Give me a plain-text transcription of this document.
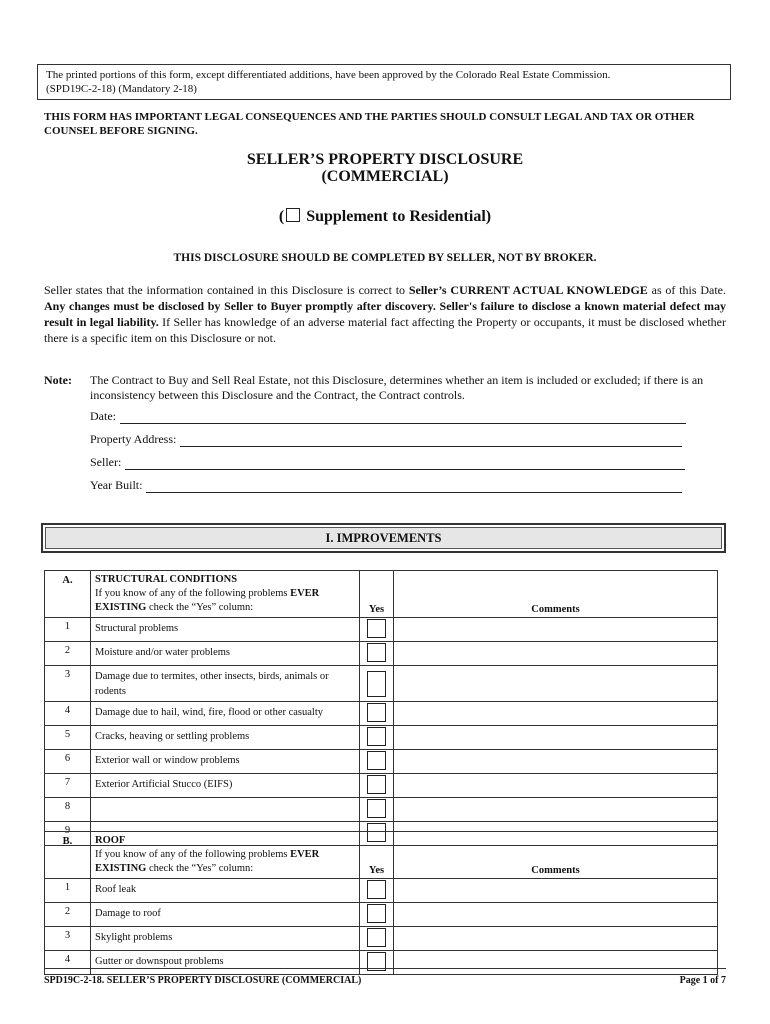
The printed portions of this form, except differentiated additions, have been approved by the Colorado Real Estate Commission.
(SPD19C-2-18) (Mandatory 2-18)
THIS FORM HAS IMPORTANT LEGAL CONSEQUENCES AND THE PARTIES SHOULD CONSULT LEGAL AND TAX OR OTHER COUNSEL BEFORE SIGNING.
SELLER’S PROPERTY DISCLOSURE
(COMMERCIAL)
( Supplement to Residential)
THIS DISCLOSURE SHOULD BE COMPLETED BY SELLER, NOT BY BROKER.
Seller states that the information contained in this Disclosure is correct to Seller’s CURRENT ACTUAL KNOWLEDGE as of this Date. Any changes must be disclosed by Seller to Buyer promptly after discovery. Seller's failure to disclose a known material defect may result in legal liability. If Seller has knowledge of an adverse material fact affecting the Property or occupants, it must be disclosed whether there is a specific item on this Disclosure or not.
Note: The Contract to Buy and Sell Real Estate, not this Disclosure, determines whether an item is included or excluded; if there is an inconsistency between this Disclosure and the Contract, the Contract controls.
Date:
Property Address:
Seller:
Year Built:
I. IMPROVEMENTS
A.	STRUCTURAL CONDITIONS
If you know of any of the following problems EVER
EXISTING check the “Yes” column:	Yes	Comments
1	Structural problems		
2	Moisture and/or water problems		
3	Damage due to termites, other insects, birds, animals or rodents		
4	Damage due to hail, wind, fire, flood or other casualty		
5	Cracks, heaving or settling problems		
6	Exterior wall or window problems		
7	Exterior Artificial Stucco (EIFS)		
8			
9			
B.	ROOF
If you know of any of the following problems EVER
EXISTING check the “Yes” column:	Yes	Comments
1	Roof leak		
2	Damage to roof		
3	Skylight problems		
4	Gutter or downspout problems		
SPD19C-2-18. SELLER’S PROPERTY DISCLOSURE (COMMERCIAL)	Page 1 of 7
